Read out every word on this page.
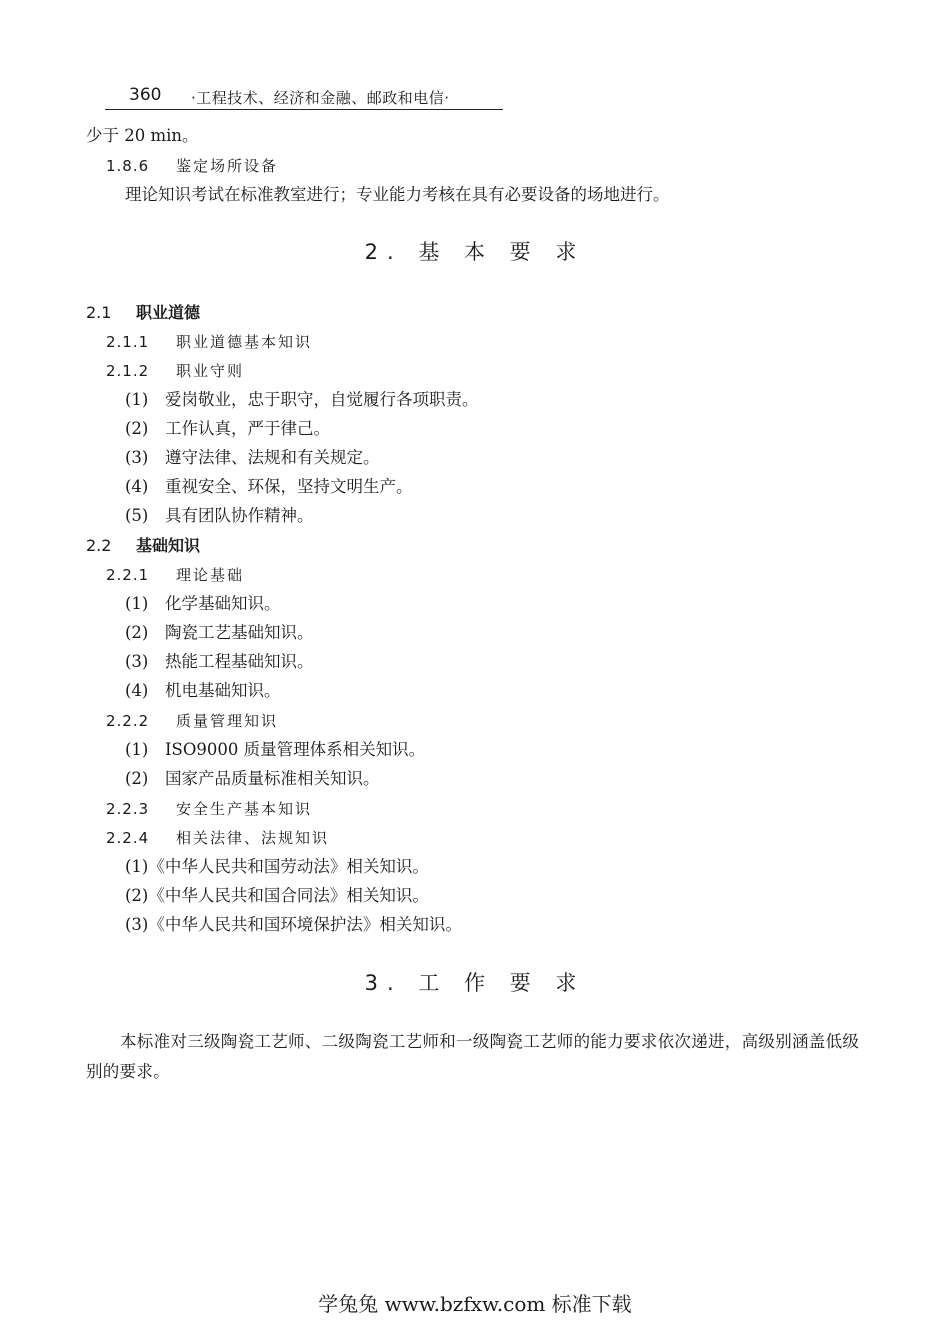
360 ·工程技术、经济和金融、邮政和电信·
少于 20 min。
1.8.6 鉴定场所设备
理论知识考试在标准教室进行；专业能力考核在具有必要设备的场地进行。
2. 基 本 要 求
2.1 职业道德
2.1.1 职业道德基本知识
2.1.2 职业守则
(1) 爱岗敬业，忠于职守，自觉履行各项职责。
(2) 工作认真，严于律己。
(3) 遵守法律、法规和有关规定。
(4) 重视安全、环保，坚持文明生产。
(5) 具有团队协作精神。
2.2 基础知识
2.2.1 理论基础
(1) 化学基础知识。
(2) 陶瓷工艺基础知识。
(3) 热能工程基础知识。
(4) 机电基础知识。
2.2.2 质量管理知识
(1) ISO9000 质量管理体系相关知识。
(2) 国家产品质量标准相关知识。
2.2.3 安全生产基本知识
2.2.4 相关法律、法规知识
(1)《中华人民共和国劳动法》相关知识。
(2)《中华人民共和国合同法》相关知识。
(3)《中华人民共和国环境保护法》相关知识。
3. 工 作 要 求
本标准对三级陶瓷工艺师、二级陶瓷工艺师和一级陶瓷工艺师的能力要求依次递进，高级别涵盖低级别的要求。
学兔兔 www.bzfxw.com 标准下载
